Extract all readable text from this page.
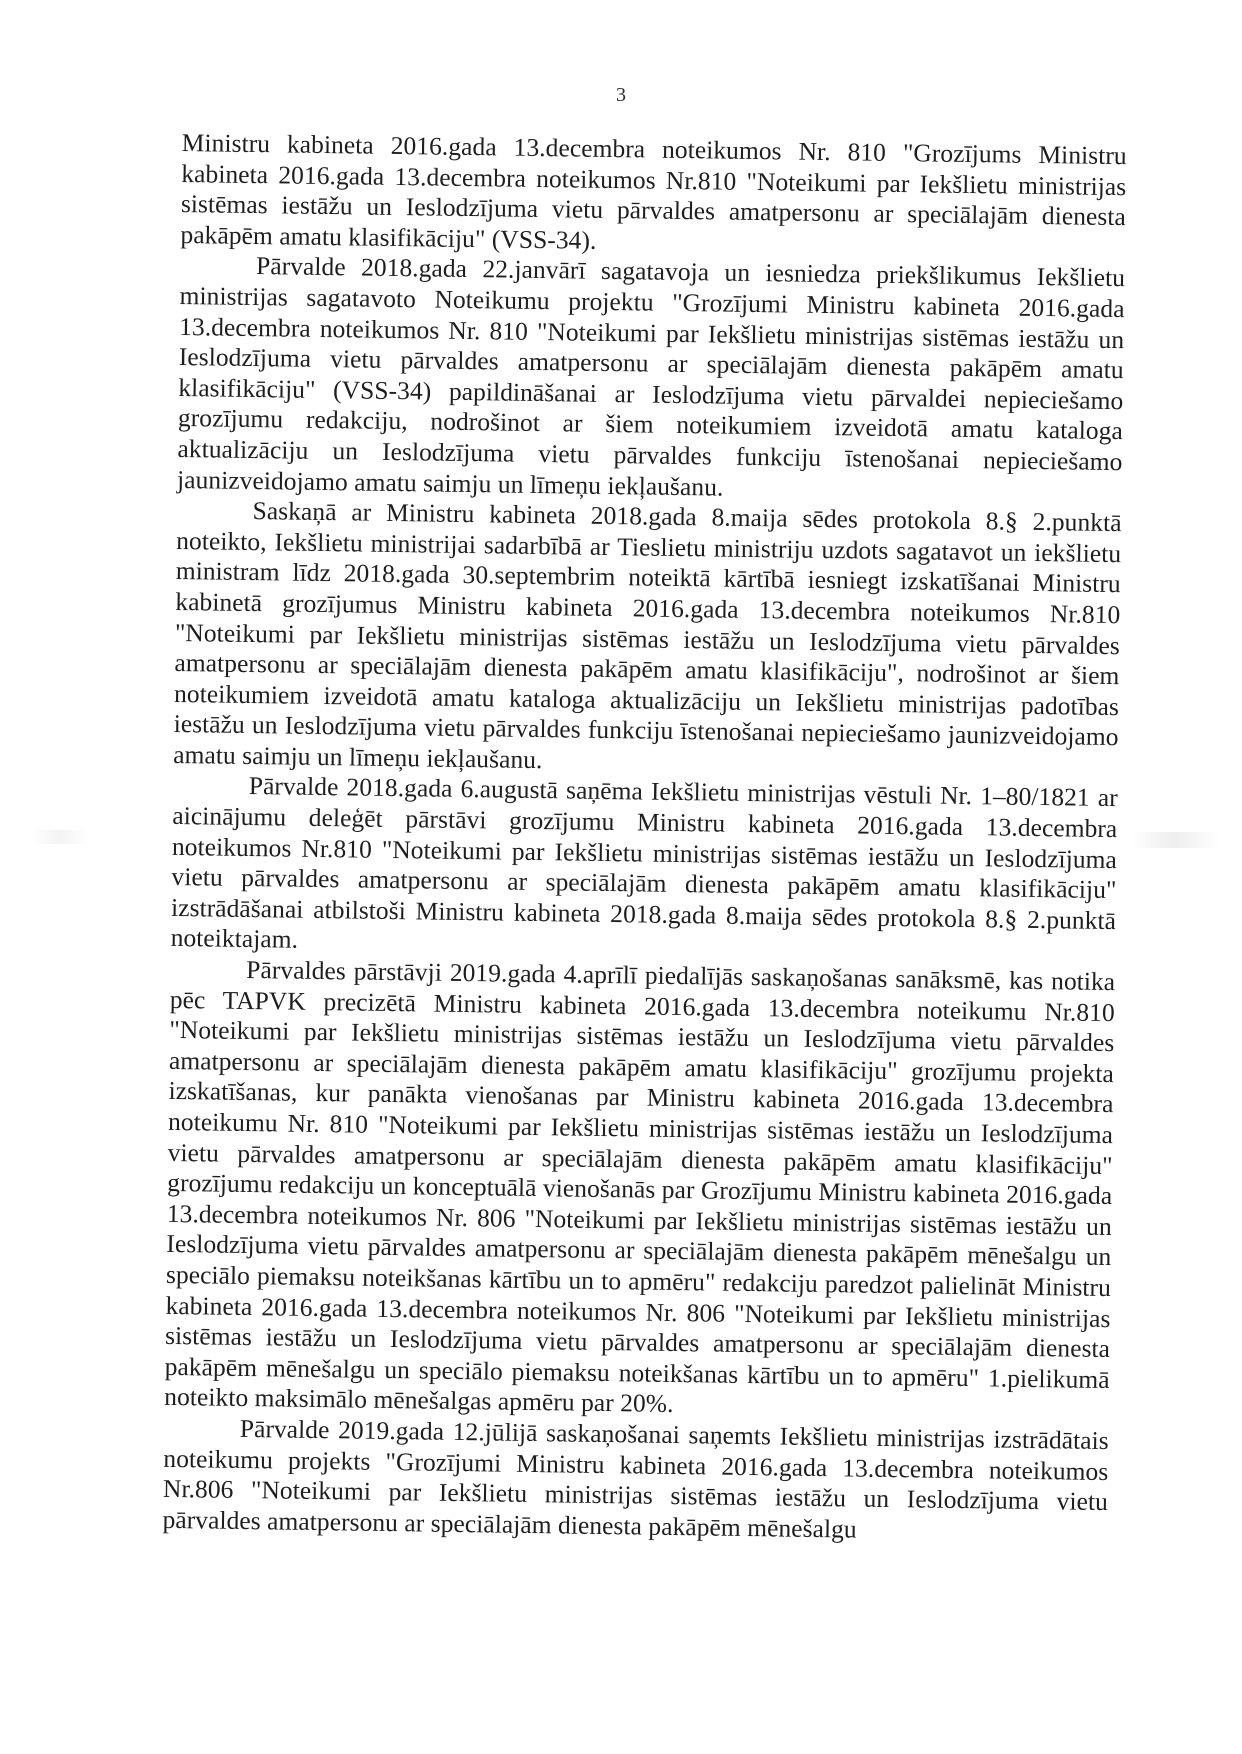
3

Ministru kabineta 2016.gada 13.decembra noteikumos Nr. 810 "Grozījums Ministru kabineta 2016.gada 13.decembra noteikumos Nr.810 "Noteikumi par Iekšlietu ministrijas sistēmas iestāžu un Ieslodzījuma vietu pārvaldes amatpersonu ar speciālajām dienesta pakāpēm amatu klasifikāciju" (VSS-34).

Pārvalde 2018.gada 22.janvārī sagatavoja un iesniedza priekšlikumus Iekšlietu ministrijas sagatavoto Noteikumu projektu "Grozījumi Ministru kabineta 2016.gada 13.decembra noteikumos Nr. 810 "Noteikumi par Iekšlietu ministrijas sistēmas iestāžu un Ieslodzījuma vietu pārvaldes amatpersonu ar speciālajām dienesta pakāpēm amatu klasifikāciju" (VSS-34) papildināšanai ar Ieslodzījuma vietu pārvaldei nepieciešamo grozījumu redakciju, nodrošinot ar šiem noteikumiem izveidotā amatu kataloga aktualizāciju un Ieslodzījuma vietu pārvaldes funkciju īstenošanai nepieciešamo jaunizveidojamo amatu saimju un līmeņu iekļaušanu.

Saskaņā ar Ministru kabineta 2018.gada 8.maija sēdes protokola 8.§ 2.punktā noteikto, Iekšlietu ministrijai sadarbībā ar Tieslietu ministriju uzdots sagatavot un iekšlietu ministram līdz 2018.gada 30.septembrim noteiktā kārtībā iesniegt izskatīšanai Ministru kabinetā grozījumus Ministru kabineta 2016.gada 13.decembra noteikumos Nr.810 "Noteikumi par Iekšlietu ministrijas sistēmas iestāžu un Ieslodzījuma vietu pārvaldes amatpersonu ar speciālajām dienesta pakāpēm amatu klasifikāciju", nodrošinot ar šiem noteikumiem izveidotā amatu kataloga aktualizāciju un Iekšlietu ministrijas padotības iestāžu un Ieslodzījuma vietu pārvaldes funkciju īstenošanai nepieciešamo jaunizveidojamo amatu saimju un līmeņu iekļaušanu.

Pārvalde 2018.gada 6.augustā saņēma Iekšlietu ministrijas vēstuli Nr. 1–80/1821 ar aicinājumu deleģēt pārstāvi grozījumu Ministru kabineta 2016.gada 13.decembra noteikumos Nr.810 "Noteikumi par Iekšlietu ministrijas sistēmas iestāžu un Ieslodzījuma vietu pārvaldes amatpersonu ar speciālajām dienesta pakāpēm amatu klasifikāciju" izstrādāšanai atbilstoši Ministru kabineta 2018.gada 8.maija sēdes protokola 8.§ 2.punktā noteiktajam.

Pārvaldes pārstāvji 2019.gada 4.aprīlī piedalījās saskaņošanas sanāksmē, kas notika pēc TAPVK precizētā Ministru kabineta 2016.gada 13.decembra noteikumu Nr.810 "Noteikumi par Iekšlietu ministrijas sistēmas iestāžu un Ieslodzījuma vietu pārvaldes amatpersonu ar speciālajām dienesta pakāpēm amatu klasifikāciju" grozījumu projekta izskatīšanas, kur panākta vienošanas par Ministru kabineta 2016.gada 13.decembra noteikumu Nr. 810 "Noteikumi par Iekšlietu ministrijas sistēmas iestāžu un Ieslodzījuma vietu pārvaldes amatpersonu ar speciālajām dienesta pakāpēm amatu klasifikāciju" grozījumu redakciju un konceptuālā vienošanās par Grozījumu Ministru kabineta 2016.gada 13.decembra noteikumos Nr. 806 "Noteikumi par Iekšlietu ministrijas sistēmas iestāžu un Ieslodzījuma vietu pārvaldes amatpersonu ar speciālajām dienesta pakāpēm mēnešalgu un speciālo piemaksu noteikšanas kārtību un to apmēru" redakciju paredzot palielināt Ministru kabineta 2016.gada 13.decembra noteikumos Nr. 806 "Noteikumi par Iekšlietu ministrijas sistēmas iestāžu un Ieslodzījuma vietu pārvaldes amatpersonu ar speciālajām dienesta pakāpēm mēnešalgu un speciālo piemaksu noteikšanas kārtību un to apmēru" 1.pielikumā noteikto maksimālo mēnešalgas apmēru par 20%.

Pārvalde 2019.gada 12.jūlijā saskaņošanai saņemts Iekšlietu ministrijas izstrādātais noteikumu projekts "Grozījumi Ministru kabineta 2016.gada 13.decembra noteikumos Nr.806 "Noteikumi par Iekšlietu ministrijas sistēmas iestāžu un Ieslodzījuma vietu pārvaldes amatpersonu ar speciālajām dienesta pakāpēm mēnešalgu
